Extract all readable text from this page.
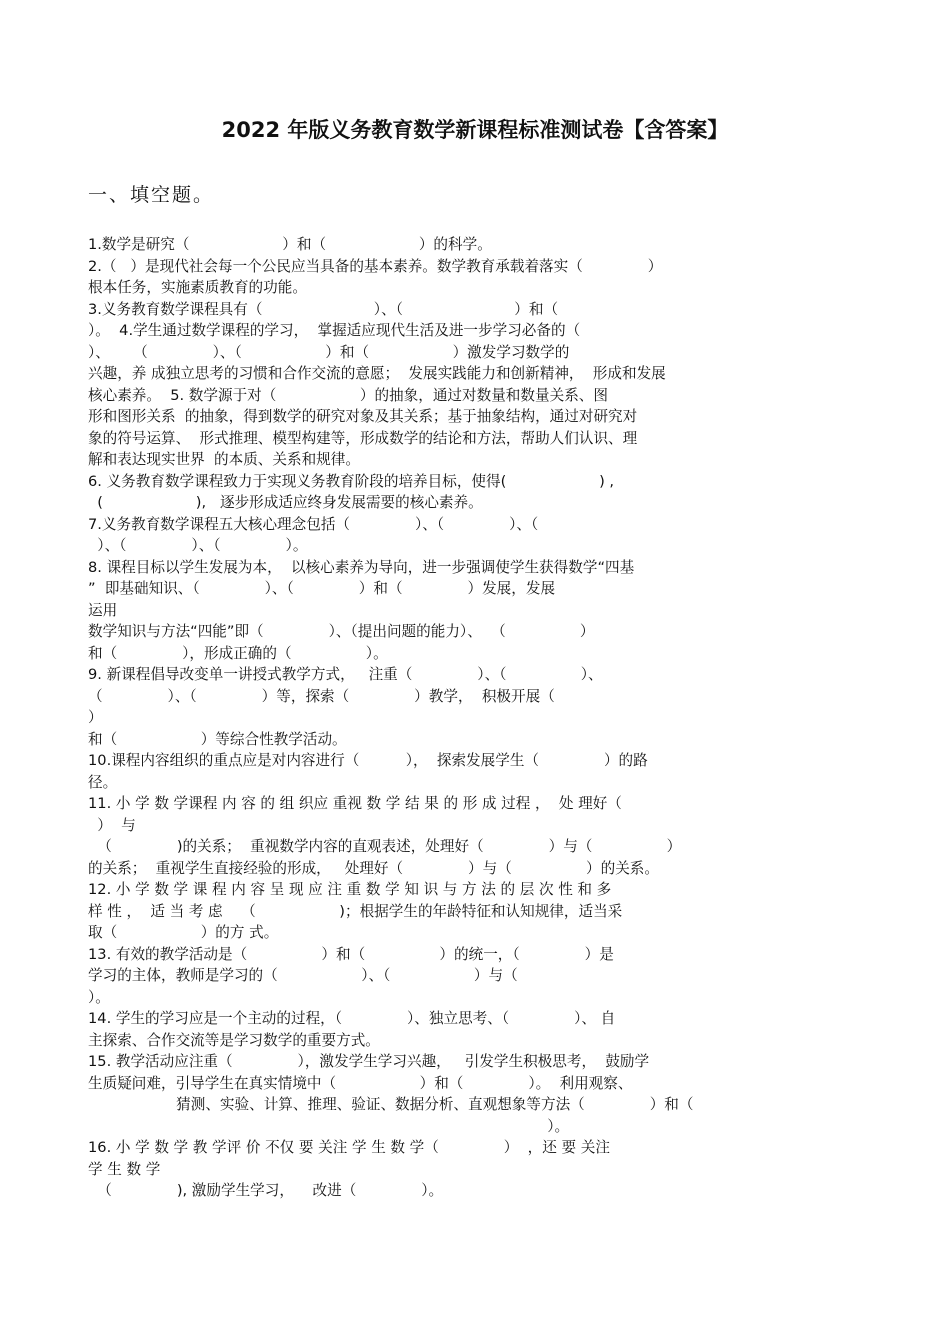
2022 年版义务教育数学新课程标准测试卷【含答案】
一、填空题。
1.数学是研究（                    ）和（                    ）的科学。
2.（   ）是现代社会每一个公民应当具备的基本素养。数学教育承载着落实（              ）
根本任务，实施素质教育的功能。
3.义务教育数学课程具有（                        ）、（                        ）和（
）。  4.学生通过数学课程的学习，  掌握适应现代生活及进一步学习必备的（
）、     （              ）、（                  ）和（                  ）激发学习数学的
兴趣，养 成独立思考的习惯和合作交流的意愿；  发展实践能力和创新精神，  形成和发展
核心素养。  5. 数学源于对（                  ）的抽象，通过对数量和数量关系、图
形和图形关系  的抽象，得到数学的研究对象及其关系；基于抽象结构，通过对研究对
象的符号运算、  形式推理、模型构建等，形成数学的结论和方法，帮助人们认识、理
解和表达现实世界  的本质、关系和规律。
6. 义务教育数学课程致力于实现义务教育阶段的培养目标，使得(                    ) ,
(                    ),   逐步形成适应终身发展需要的核心素养。
7.义务教育数学课程五大核心理念包括（              ）、（              ）、（
）、（              ）、（              ）。
8. 课程目标以学生发展为本，  以核心素养为导向，进一步强调使学生获得数学“四基
”  即基础知识、（              ）、（              ）和（              ）发展，发展
运用
数学知识与方法“四能”即（              ）、（提出问题的能力）、  （                ）
和（              ），形成正确的（                ）。
9. 新课程倡导改变单一讲授式教学方式，   注重（              ）、（                ）、
（              ）、（              ）等，探索（              ）教学，  积极开展（
）
和（                  ）等综合性教学活动。
10.课程内容组织的重点应是对内容进行（          ），  探索发展学生（              ）的路
径。
11. 小 学 数 学课程 内 容 的 组 织应 重视 数 学 结 果 的 形 成 过程 ，  处 理好（
）  与
（              )的关系；  重视数学内容的直观表述，处理好（              ）与（                ）
的关系；  重视学生直接经验的形成，   处理好（              ）与（                ）的关系。
12. 小 学 数 学 课 程 内 容 呈 现 应 注 重 数 学 知 识 与 方 法 的 层 次 性 和 多
样 性 ，  适 当 考 虑    （                  )；根据学生的年龄特征和认知规律，适当采
取（                  ）的方 式。
13. 有效的教学活动是（                ）和（                ）的统一，（              ）是
学习的主体，教师是学习的（                  ）、（                  ）与（
）。
14. 学生的学习应是一个主动的过程，（              ）、独立思考、（              ）、 自
主探索、合作交流等是学习数学的重要方式。
15. 教学活动应注重（              ），激发学生学习兴趣，   引发学生积极思考，  鼓励学
生质疑问难，引导学生在真实情境中（                  ）和（              ）。  利用观察、
猜测、实验、计算、推理、验证、数据分析、直观想象等方法（              ）和（
）。
16. 小 学 数 学 教 学评 价 不仅 要 关注 学 生 数 学（              ）  ，还 要 关注
学 生 数 学
（              ), 激励学生学习，    改进（              ）。
